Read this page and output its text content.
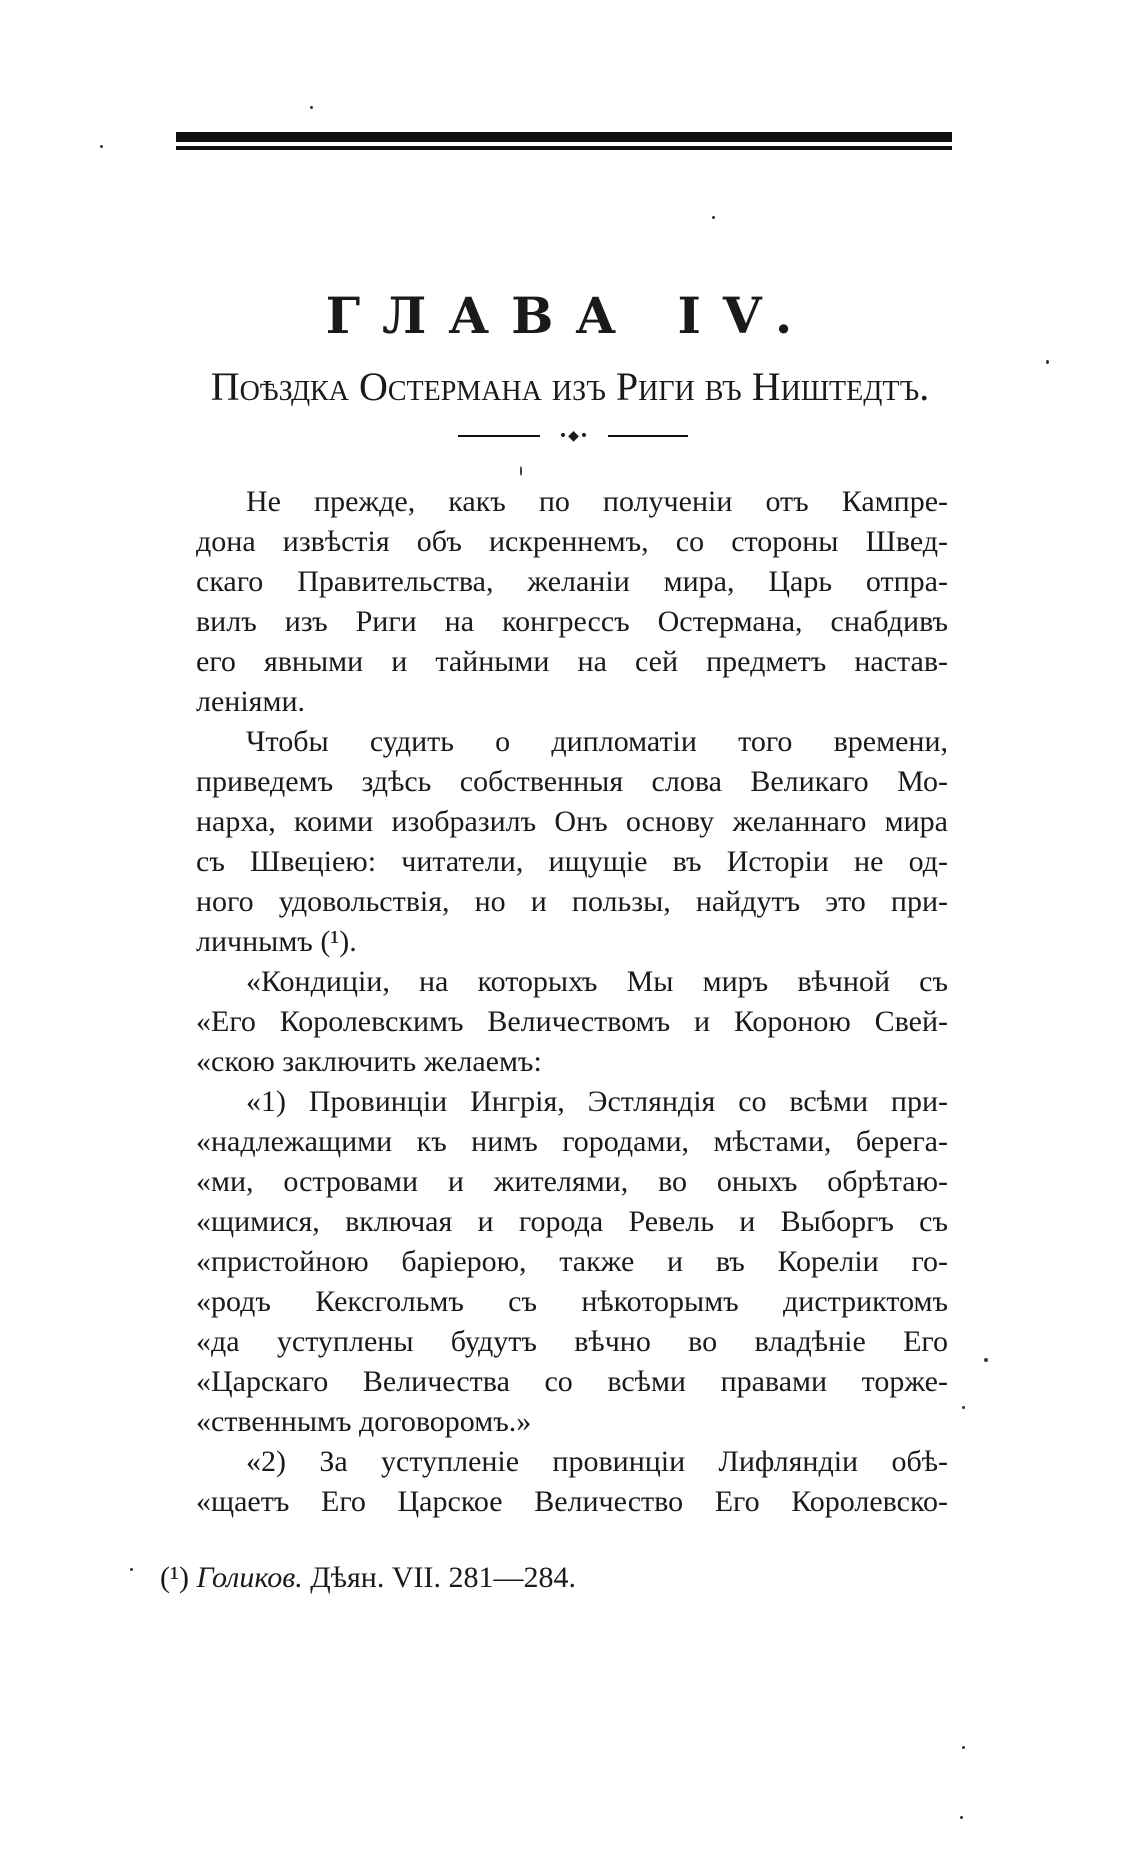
ГЛАВА IV.
Поѣздка Остермана изъ Риги въ Ништедтъ.
•◆•
Не прежде, какъ по полученіи отъ Кампре-
дона извѣстія объ искреннемъ, со стороны Швед-
скаго Правительства, желаніи мира, Царь отпра-
вилъ изъ Риги на конгрессъ Остермана, снабдивъ
его явными и тайными на сей предметъ настав-
леніями.
Чтобы судить о дипломатіи того времени,
приведемъ здѣсь собственныя слова Великаго Мо-
нарха, коими изобразилъ Онъ основу желаннаго мира
съ Швеціею: читатели, ищущіе въ Исторіи не од-
ного удовольствія, но и пользы, найдутъ это при-
личнымъ (¹).
«Кондиціи, на которыхъ Мы миръ вѣчной съ
«Его Королевскимъ Величествомъ и Короною Свей-
«скою заключить желаемъ:
«1) Провинціи Ингрія, Эстляндія со всѣми при-
«надлежащими къ нимъ городами, мѣстами, берега-
«ми, островами и жителями, во оныхъ обрѣтаю-
«щимися, включая и города Ревель и Выборгъ съ
«пристойною барiерою, также и въ Кореліи го-
«родъ Кексгольмъ съ нѣкоторымъ дистриктомъ
«да уступлены будутъ вѣчно во владѣніе Его
«Царскаго Величества со всѣми правами торже-
«ственнымъ договоромъ.»
«2) За уступленіе провинціи Лифляндіи обѣ-
«щаетъ Его Царское Величество Его Королевско-
(¹) Голиков. Дѣян. VII. 281—284.
